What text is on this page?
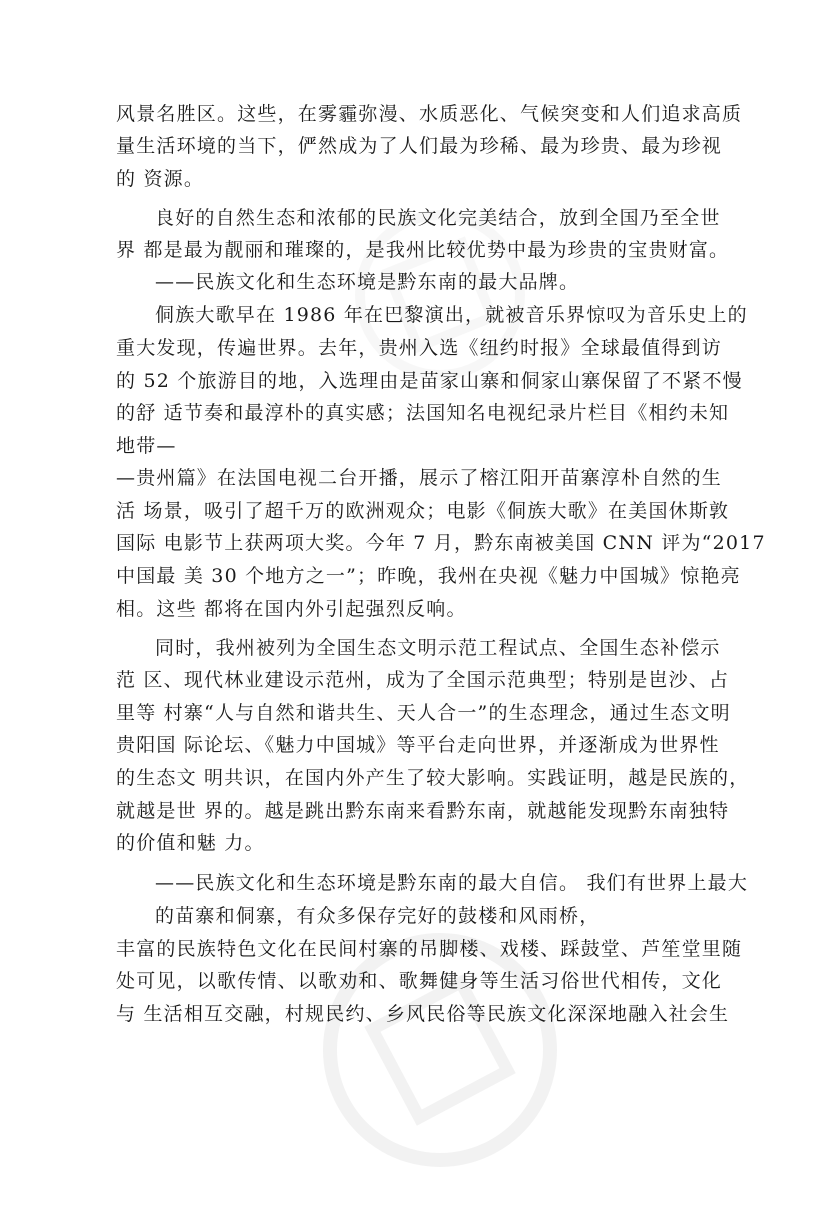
风景名胜区。这些，在雾霾弥漫、水质恶化、气候突变和人们追求高质
量生活环境的当下，俨然成为了人们最为珍稀、最为珍贵、最为珍视
的 资源。
良好的自然生态和浓郁的民族文化完美结合，放到全国乃至全世
界 都是最为靓丽和璀璨的，是我州比较优势中最为珍贵的宝贵财富。
——民族文化和生态环境是黔东南的最大品牌。
侗族大歌早在 1986 年在巴黎演出，就被音乐界惊叹为音乐史上的
重大发现，传遍世界。去年，贵州入选《纽约时报》全球最值得到访
的 52 个旅游目的地，入选理由是苗家山寨和侗家山寨保留了不紧不慢
的舒 适节奏和最淳朴的真实感；法国知名电视纪录片栏目《相约未知
地带—
—贵州篇》在法国电视二台开播，展示了榕江阳开苗寨淳朴自然的生
活 场景，吸引了超千万的欧洲观众；电影《侗族大歌》在美国休斯敦
国际 电影节上获两项大奖。今年 7 月，黔东南被美国 CNN 评为“2017
中国最 美 30 个地方之一”；昨晚，我州在央视《魅力中国城》惊艳亮
相。这些 都将在国内外引起强烈反响。
同时，我州被列为全国生态文明示范工程试点、全国生态补偿示
范 区、现代林业建设示范州，成为了全国示范典型；特别是岜沙、占
里等 村寨“人与自然和谐共生、天人合一”的生态理念，通过生态文明
贵阳国 际论坛、《魅力中国城》等平台走向世界，并逐渐成为世界性
的生态文 明共识，在国内外产生了较大影响。实践证明，越是民族的，
就越是世 界的。越是跳出黔东南来看黔东南，就越能发现黔东南独特
的价值和魅 力。
——民族文化和生态环境是黔东南的最大自信。 我们有世界上最大
的苗寨和侗寨，有众多保存完好的鼓楼和风雨桥，
丰富的民族特色文化在民间村寨的吊脚楼、戏楼、踩鼓堂、芦笙堂里随
处可见，以歌传情、以歌劝和、歌舞健身等生活习俗世代相传，文化
与 生活相互交融，村规民约、乡风民俗等民族文化深深地融入社会生
